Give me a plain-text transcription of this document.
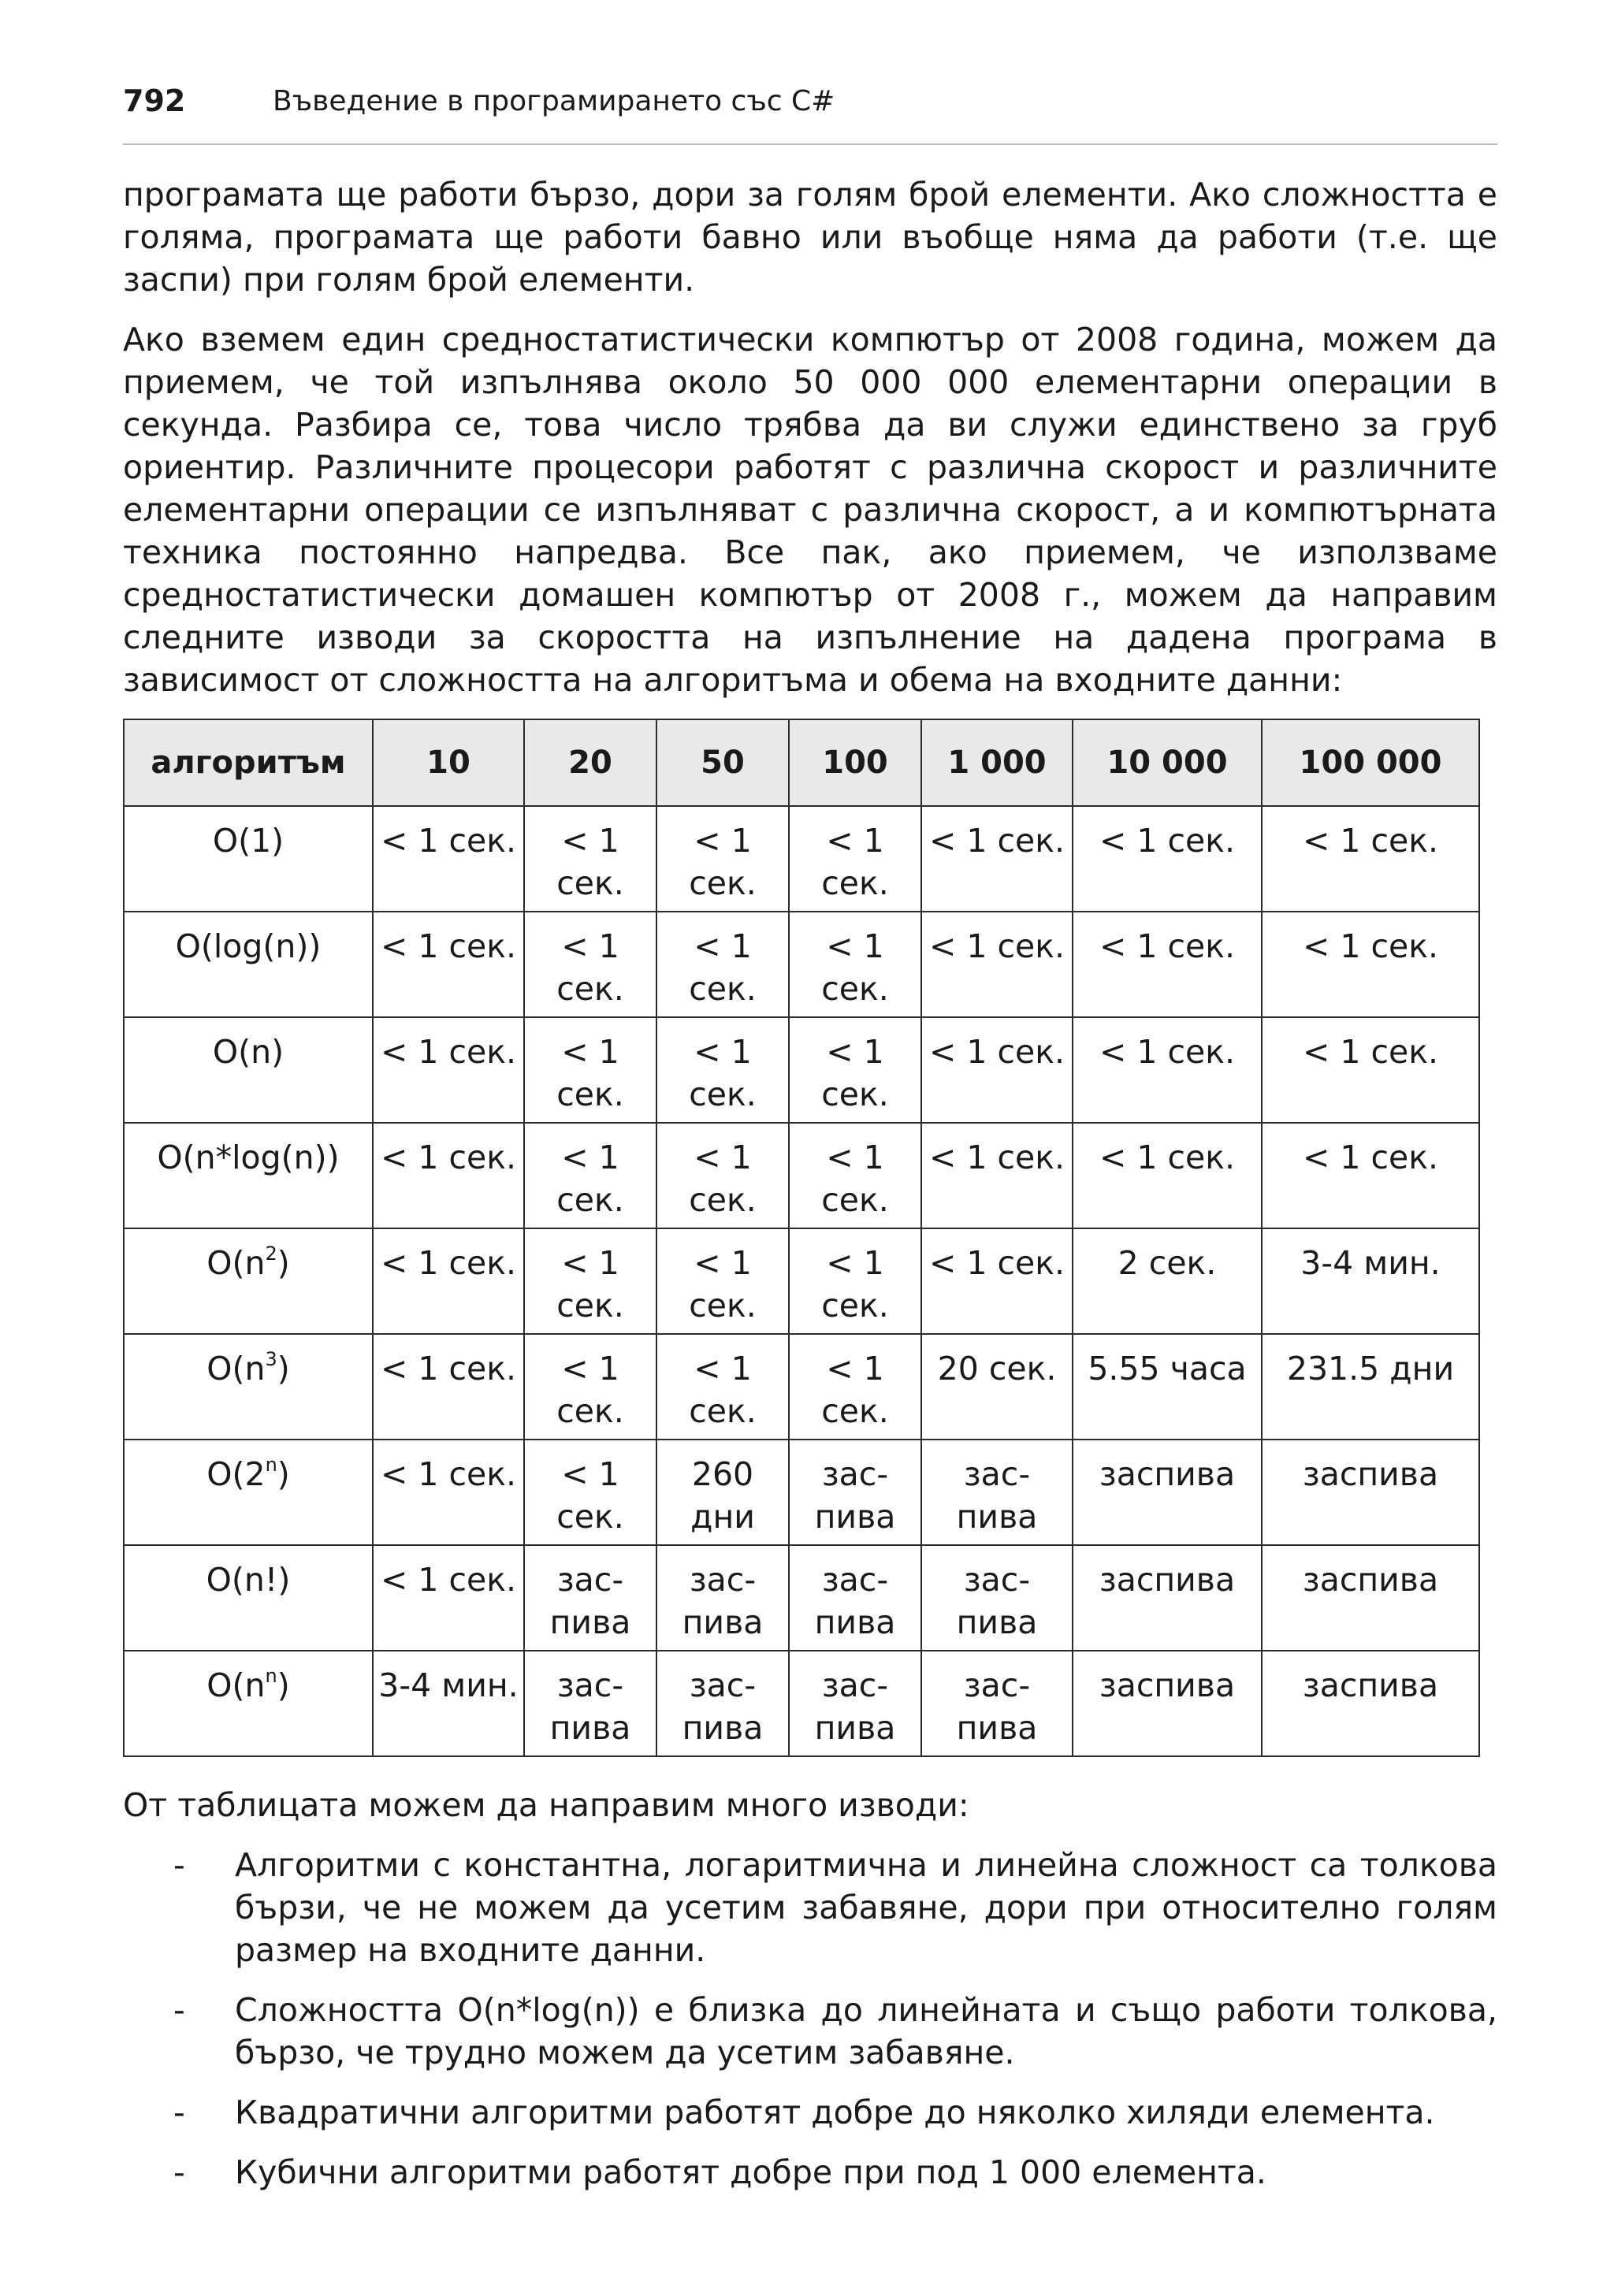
792	Въведение в програмирането със C#

програмата ще работи бързо, дори за голям брой елементи. Ако сложността е голяма, програмата ще работи бавно или въобще няма да работи (т.е. ще заспи) при голям брой елементи.

Ако вземем един средностатистически компютър от 2008 година, можем да приемем, че той изпълнява около 50 000 000 елементарни операции в секунда. Разбира се, това число трябва да ви служи единствено за груб ориентир. Различните процесори работят с различна скорост и различните елементарни операции се изпълняват с различна скорост, а и компютърната техника постоянно напредва. Все пак, ако приемем, че използваме средностатистически домашен компютър от 2008 г., можем да направим следните изводи за скоростта на изпълнение на дадена програма в зависимост от сложността на алгоритъма и обема на входните данни:

алгоритъм	10	20	50	100	1 000	10 000	100 000
O(1)	< 1 сек.	< 1 сек.	< 1 сек.	< 1 сек.	< 1 сек.	< 1 сек.	< 1 сек.
O(log(n))	< 1 сек.	< 1 сек.	< 1 сек.	< 1 сек.	< 1 сек.	< 1 сек.	< 1 сек.
O(n)	< 1 сек.	< 1 сек.	< 1 сек.	< 1 сек.	< 1 сек.	< 1 сек.	< 1 сек.
O(n*log(n))	< 1 сек.	< 1 сек.	< 1 сек.	< 1 сек.	< 1 сек.	< 1 сек.	< 1 сек.
$O(n^2)$	< 1 сек.	< 1 сек.	< 1 сек.	< 1 сек.	< 1 сек.	2 сек.	3-4 мин.
$O(n^3)$	< 1 сек.	< 1 сек.	< 1 сек.	< 1 сек.	20 сек.	5.55 часа	231.5 дни
$O(2^n)$	< 1 сек.	< 1 сек.	260 дни	зас-пива	зас-пива	заспива	заспива
O(n!)	< 1 сек.	зас-пива	зас-пива	зас-пива	зас-пива	заспива	заспива
$O(n^n)$	3-4 мин.	зас-пива	зас-пива	зас-пива	зас-пива	заспива	заспива

От таблицата можем да направим много изводи:

- Алгоритми с константна, логаритмична и линейна сложност са толкова бързи, че не можем да усетим забавяне, дори при относително голям размер на входните данни.
- Сложността O(n*log(n)) е близка до линейната и също работи толкова, бързо, че трудно можем да усетим забавяне.
- Квадратични алгоритми работят добре до няколко хиляди елемента.
- Кубични алгоритми работят добре при под 1 000 елемента.
